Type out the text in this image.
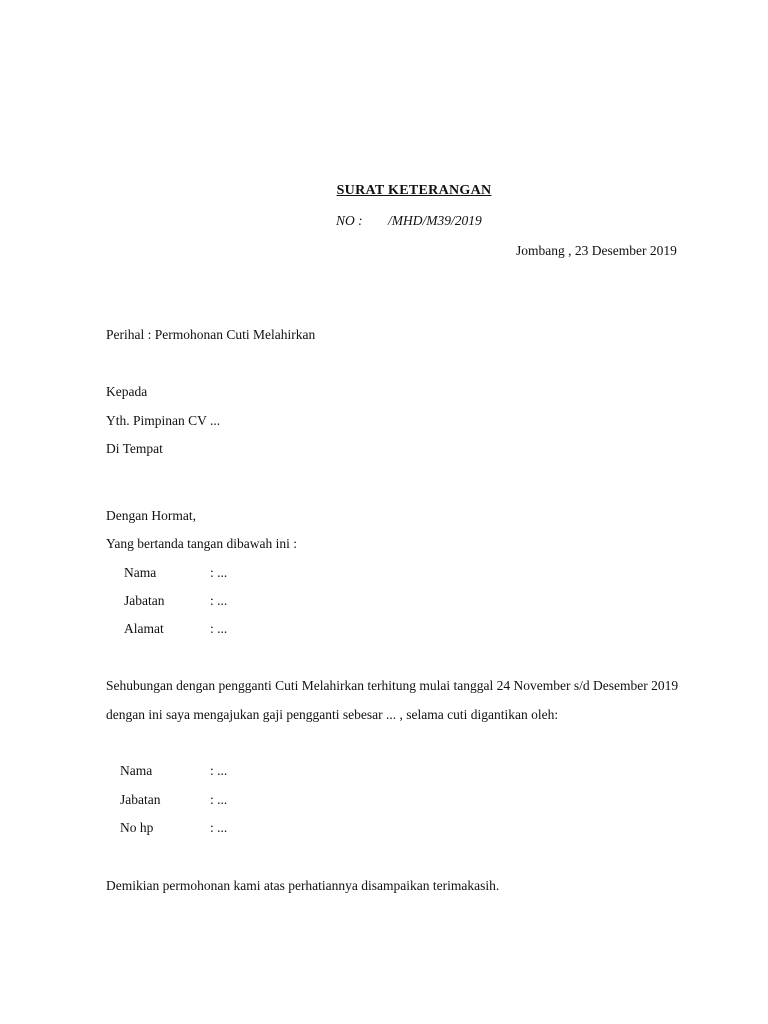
SURAT KETERANGAN
NO : /MHD/M39/2019
Jombang , 23 Desember 2019
Perihal : Permohonan Cuti Melahirkan
Kepada
Yth. Pimpinan CV ...
Di Tempat
Dengan Hormat,
Yang bertanda tangan dibawah ini :
Nama	: ...
Jabatan	: ...
Alamat	: ...
Sehubungan dengan pengganti Cuti Melahirkan terhitung mulai tanggal 24 November s/d Desember 2019
dengan ini saya mengajukan gaji pengganti sebesar ... , selama cuti digantikan oleh:
Nama	: ...
Jabatan	: ...
No hp	: ...
Demikian permohonan kami atas perhatiannya disampaikan terimakasih.
